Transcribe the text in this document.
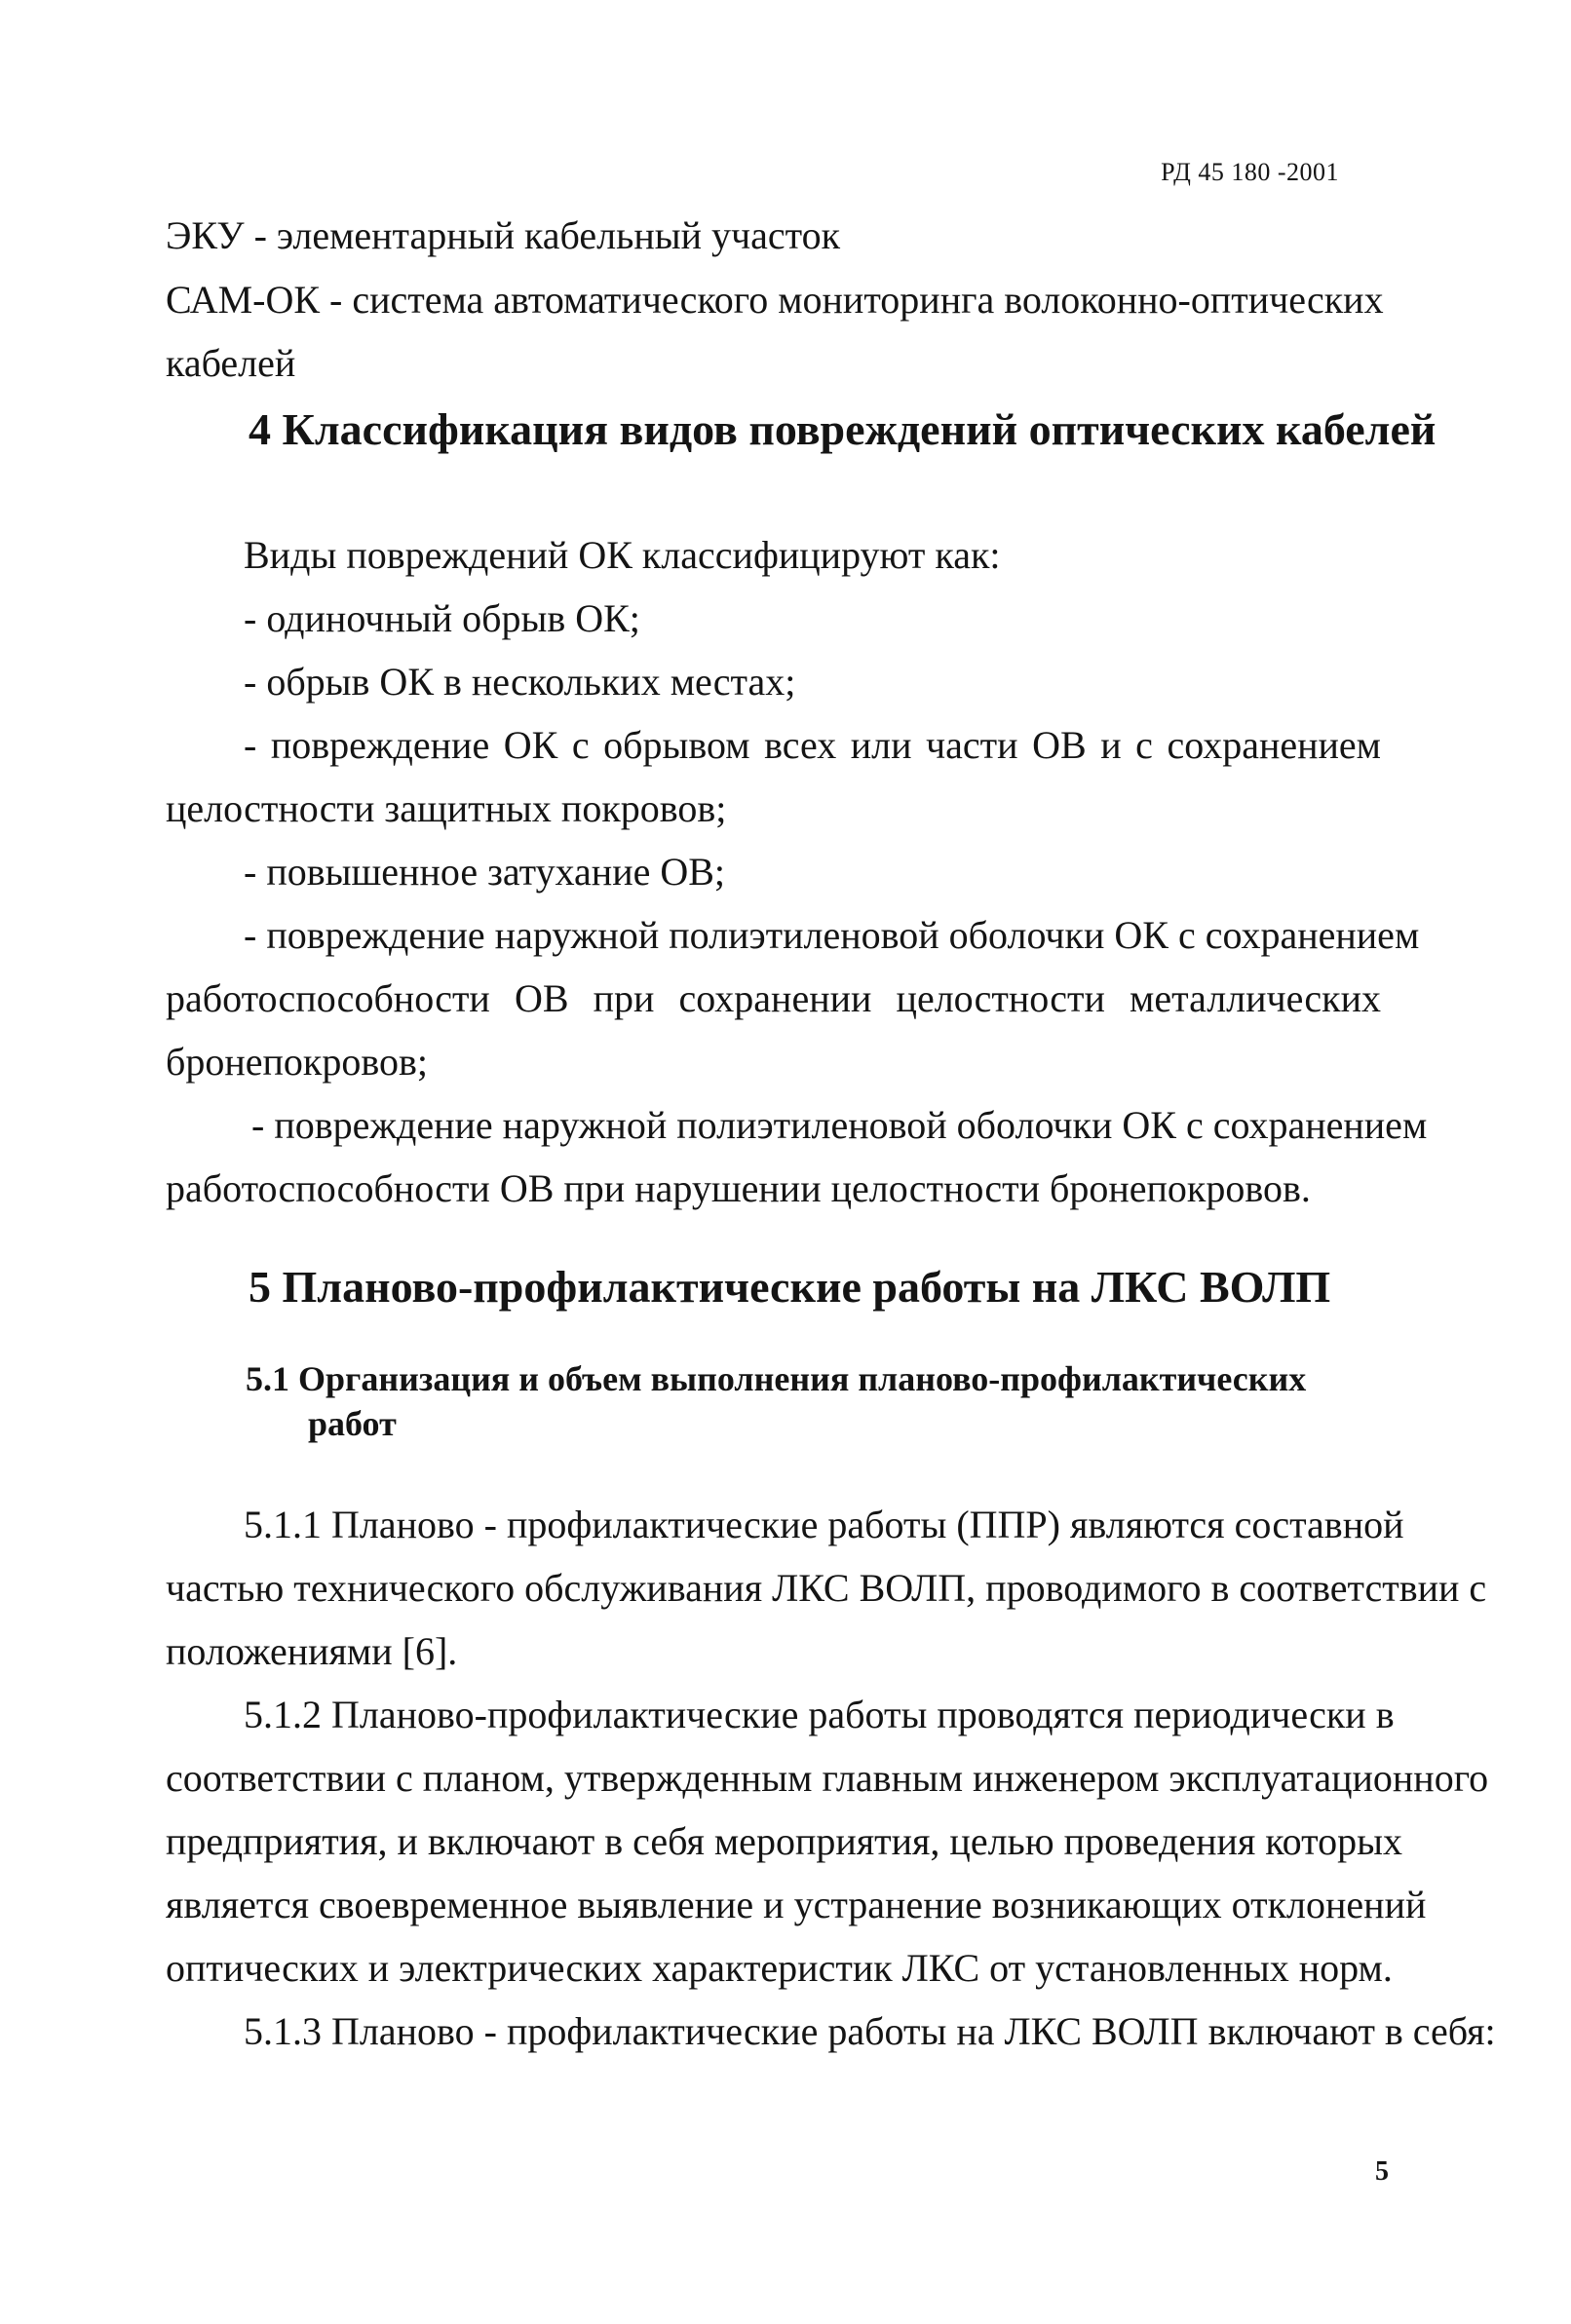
РД 45 180 -2001
ЭКУ - элементарный кабельный участок
САМ-ОК - система автоматического мониторинга волоконно-оптических
кабелей
4 Классификация видов повреждений оптических кабелей
Виды повреждений ОК классифицируют как:
- одиночный обрыв ОК;
- обрыв ОК в нескольких местах;
- повреждение ОК с обрывом всех или части ОВ и с сохранением
целостности защитных покровов;
- повышенное затухание ОВ;
- повреждение наружной полиэтиленовой оболочки ОК с сохранением
работоспособности ОВ при сохранении целостности металлических
бронепокровов;
- повреждение наружной полиэтиленовой оболочки ОК с сохранением
работоспособности ОВ при нарушении целостности бронепокровов.
5 Планово-профилактические работы на ЛКС ВОЛП
5.1 Организация и объем выполнения планово-профилактических
работ
5.1.1 Планово - профилактические работы (ППР) являются составной
частью технического обслуживания ЛКС ВОЛП, проводимого в соответствии с
положениями [6].
5.1.2 Планово-профилактические работы проводятся периодически в
соответствии с планом, утвержденным главным инженером эксплуатационного
предприятия, и включают в себя мероприятия, целью проведения которых
является своевременное выявление и устранение возникающих отклонений
оптических и электрических характеристик ЛКС от установленных норм.
5.1.3 Планово - профилактические работы на ЛКС ВОЛП включают в себя:
5
